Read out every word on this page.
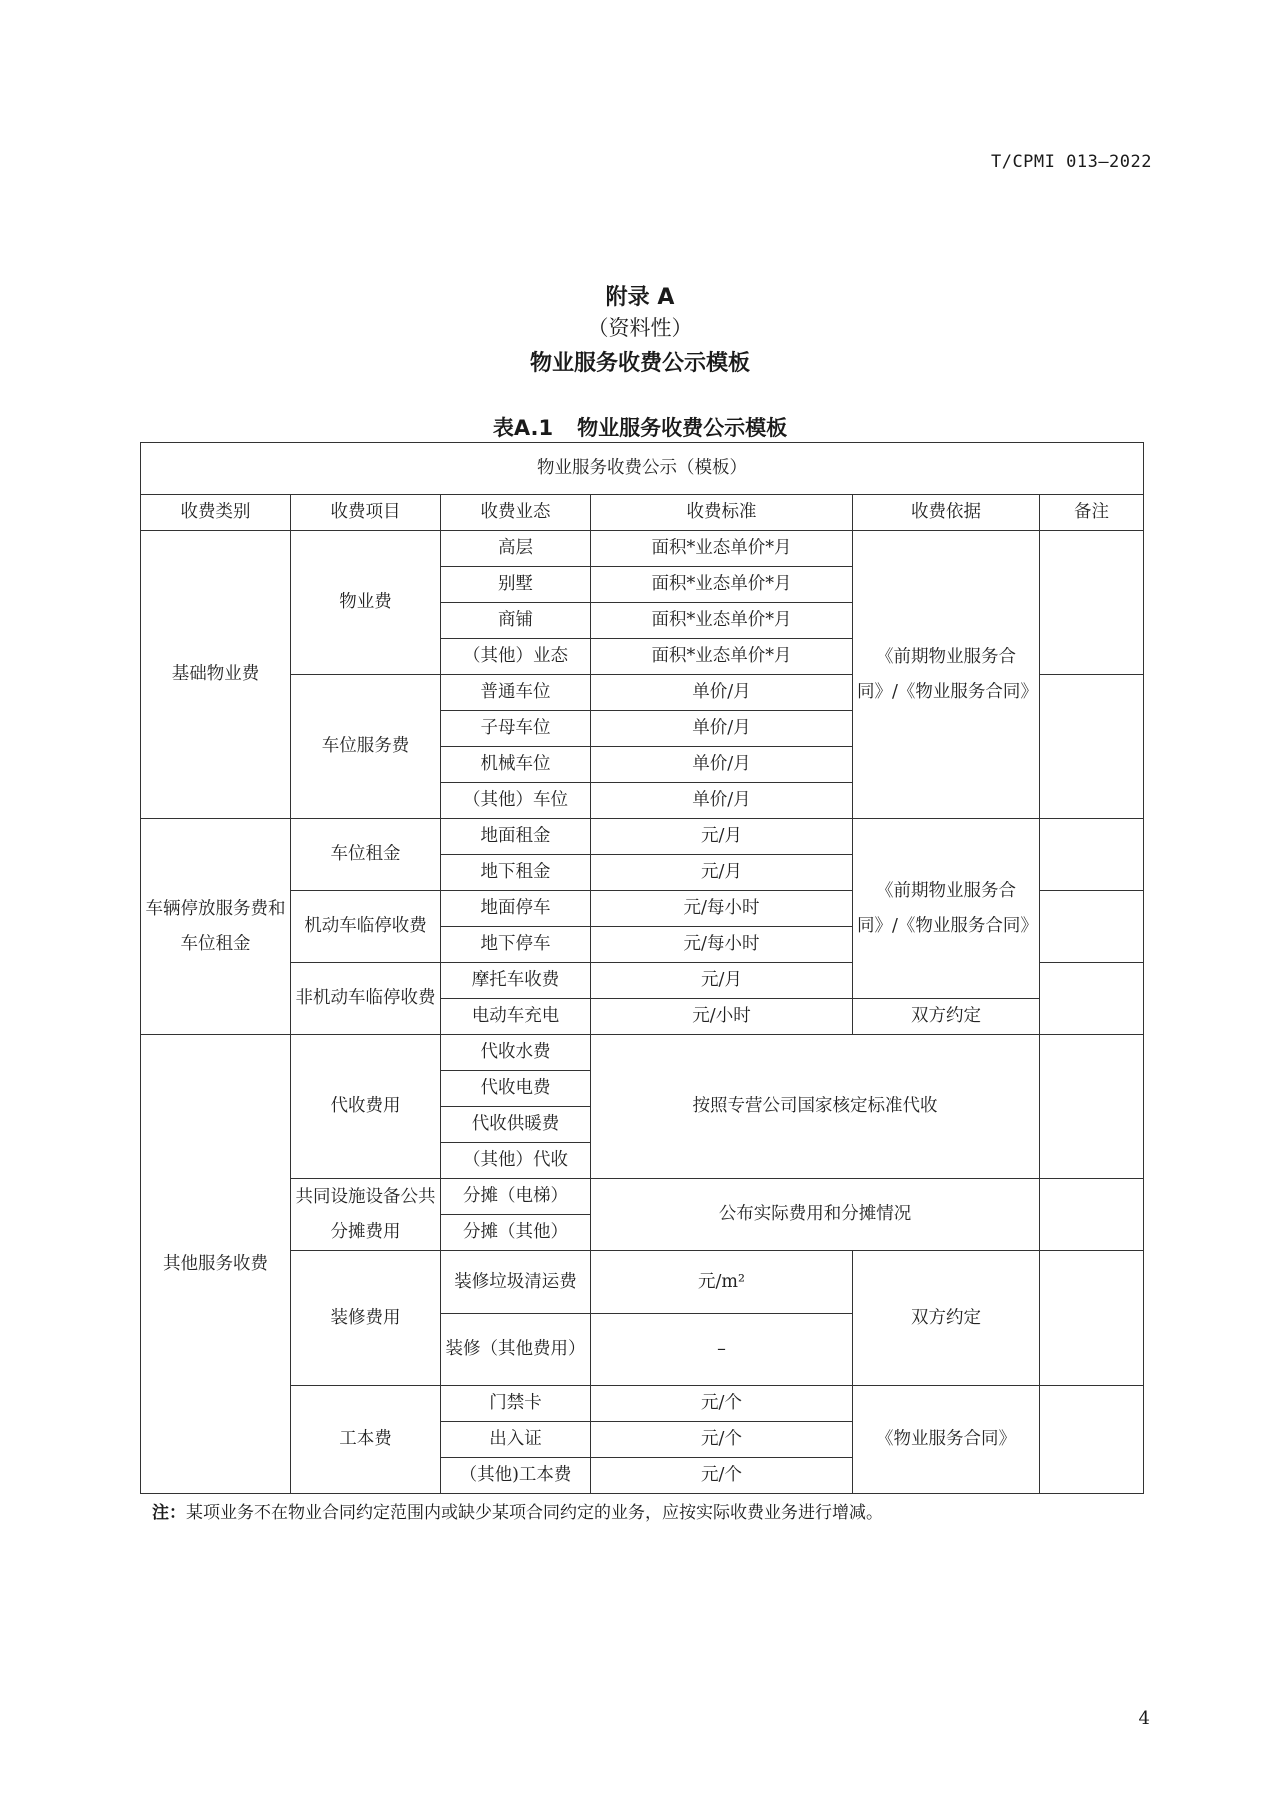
T/CPMI 013—2022
附录 A
（资料性）
物业服务收费公示模板
表A.1 物业服务收费公示模板
物业服务收费公示（模板）					
收费类别	收费项目	收费业态	收费标准	收费依据	备注
基础物业费	物业费	高层	面积*业态单价*月	《前期物业服务合同》/《物业服务合同》	
		别墅	面积*业态单价*月		
		商铺	面积*业态单价*月		
		（其他）业态	面积*业态单价*月		
	车位服务费	普通车位	单价/月		
		子母车位	单价/月		
		机械车位	单价/月		
		（其他）车位	单价/月		
车辆停放服务费和车位租金	车位租金	地面租金	元/月	《前期物业服务合同》/《物业服务合同》	
		地下租金	元/月		
	机动车临停收费	地面停车	元/每小时		
		地下停车	元/每小时		
	非机动车临停收费	摩托车收费	元/月		
		电动车充电	元/小时	双方约定	
其他服务收费	代收费用	代收水费	按照专营公司国家核定标准代收		
		代收电费			
		代收供暖费			
		（其他）代收			
	共同设施设备公共分摊费用	分摊（电梯）	公布实际费用和分摊情况		
		分摊（其他）			
	装修费用	装修垃圾清运费	元/m²	双方约定	
		装修（其他费用）	–		
	工本费	门禁卡	元/个	《物业服务合同》	
		出入证	元/个		
		（其他)工本费	元/个		
注：某项业务不在物业合同约定范围内或缺少某项合同约定的业务，应按实际收费业务进行增减。
4
